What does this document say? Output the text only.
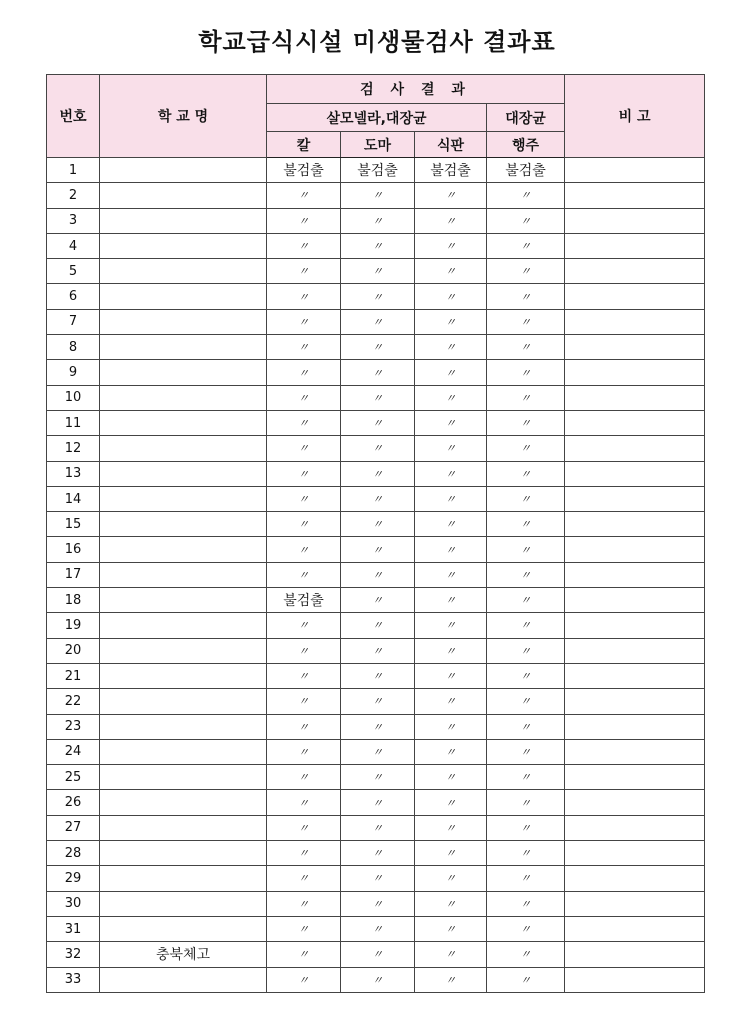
학교급식시설 미생물검사 결과표
번호	학 교 명	검 사 결 과				비 고
		살모넬라,대장균			대장균	
		칼	도마	식판	행주	
1		불검출	불검출	불검출	불검출	
2		〃	〃	〃	〃	
3		〃	〃	〃	〃	
4		〃	〃	〃	〃	
5		〃	〃	〃	〃	
6		〃	〃	〃	〃	
7		〃	〃	〃	〃	
8		〃	〃	〃	〃	
9		〃	〃	〃	〃	
10		〃	〃	〃	〃	
11		〃	〃	〃	〃	
12		〃	〃	〃	〃	
13		〃	〃	〃	〃	
14		〃	〃	〃	〃	
15		〃	〃	〃	〃	
16		〃	〃	〃	〃	
17		〃	〃	〃	〃	
18		불검출	〃	〃	〃	
19		〃	〃	〃	〃	
20		〃	〃	〃	〃	
21		〃	〃	〃	〃	
22		〃	〃	〃	〃	
23		〃	〃	〃	〃	
24		〃	〃	〃	〃	
25		〃	〃	〃	〃	
26		〃	〃	〃	〃	
27		〃	〃	〃	〃	
28		〃	〃	〃	〃	
29		〃	〃	〃	〃	
30		〃	〃	〃	〃	
31		〃	〃	〃	〃	
32	충북체고	〃	〃	〃	〃	
33		〃	〃	〃	〃	
